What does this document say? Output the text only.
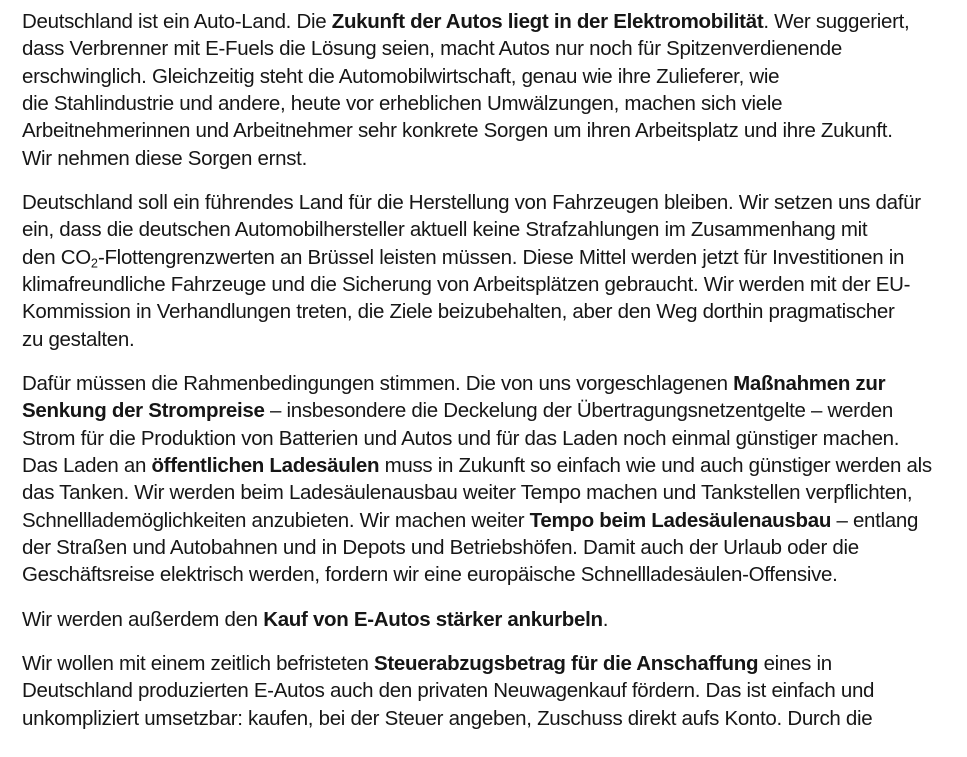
Deutschland ist ein Auto-Land. Die Zukunft der Autos liegt in der Elektromobilität. Wer suggeriert,
dass Verbrenner mit E-Fuels die Lösung seien, macht Autos nur noch für Spitzenverdienende
erschwinglich. Gleichzeitig steht die Automobilwirtschaft, genau wie ihre Zulieferer, wie
die Stahlindustrie und andere, heute vor erheblichen Umwälzungen, machen sich viele
Arbeitnehmerinnen und Arbeitnehmer sehr konkrete Sorgen um ihren Arbeitsplatz und ihre Zukunft.
Wir nehmen diese Sorgen ernst.
Deutschland soll ein führendes Land für die Herstellung von Fahrzeugen bleiben. Wir setzen uns dafür
ein, dass die deutschen Automobilhersteller aktuell keine Strafzahlungen im Zusammenhang mit
den $CO_2$-Flottengrenzwerten an Brüssel leisten müssen. Diese Mittel werden jetzt für Investitionen in
klimafreundliche Fahrzeuge und die Sicherung von Arbeitsplätzen gebraucht. Wir werden mit der EU-
Kommission in Verhandlungen treten, die Ziele beizubehalten, aber den Weg dorthin pragmatischer
zu gestalten.
Dafür müssen die Rahmenbedingungen stimmen. Die von uns vorgeschlagenen Maßnahmen zur
Senkung der Strompreise – insbesondere die Deckelung der Übertragungsnetzentgelte – werden
Strom für die Produktion von Batterien und Autos und für das Laden noch einmal günstiger machen.
Das Laden an öffentlichen Ladesäulen muss in Zukunft so einfach wie und auch günstiger werden als
das Tanken. Wir werden beim Ladesäulenausbau weiter Tempo machen und Tankstellen verpflichten,
Schnelllademöglichkeiten anzubieten. Wir machen weiter Tempo beim Ladesäulenausbau – entlang
der Straßen und Autobahnen und in Depots und Betriebshöfen. Damit auch der Urlaub oder die
Geschäftsreise elektrisch werden, fordern wir eine europäische Schnellladesäulen-Offensive.
Wir werden außerdem den Kauf von E-Autos stärker ankurbeln.
Wir wollen mit einem zeitlich befristeten Steuerabzugsbetrag für die Anschaffung eines in
Deutschland produzierten E-Autos auch den privaten Neuwagenkauf fördern. Das ist einfach und
unkompliziert umsetzbar: kaufen, bei der Steuer angeben, Zuschuss direkt aufs Konto. Durch die
